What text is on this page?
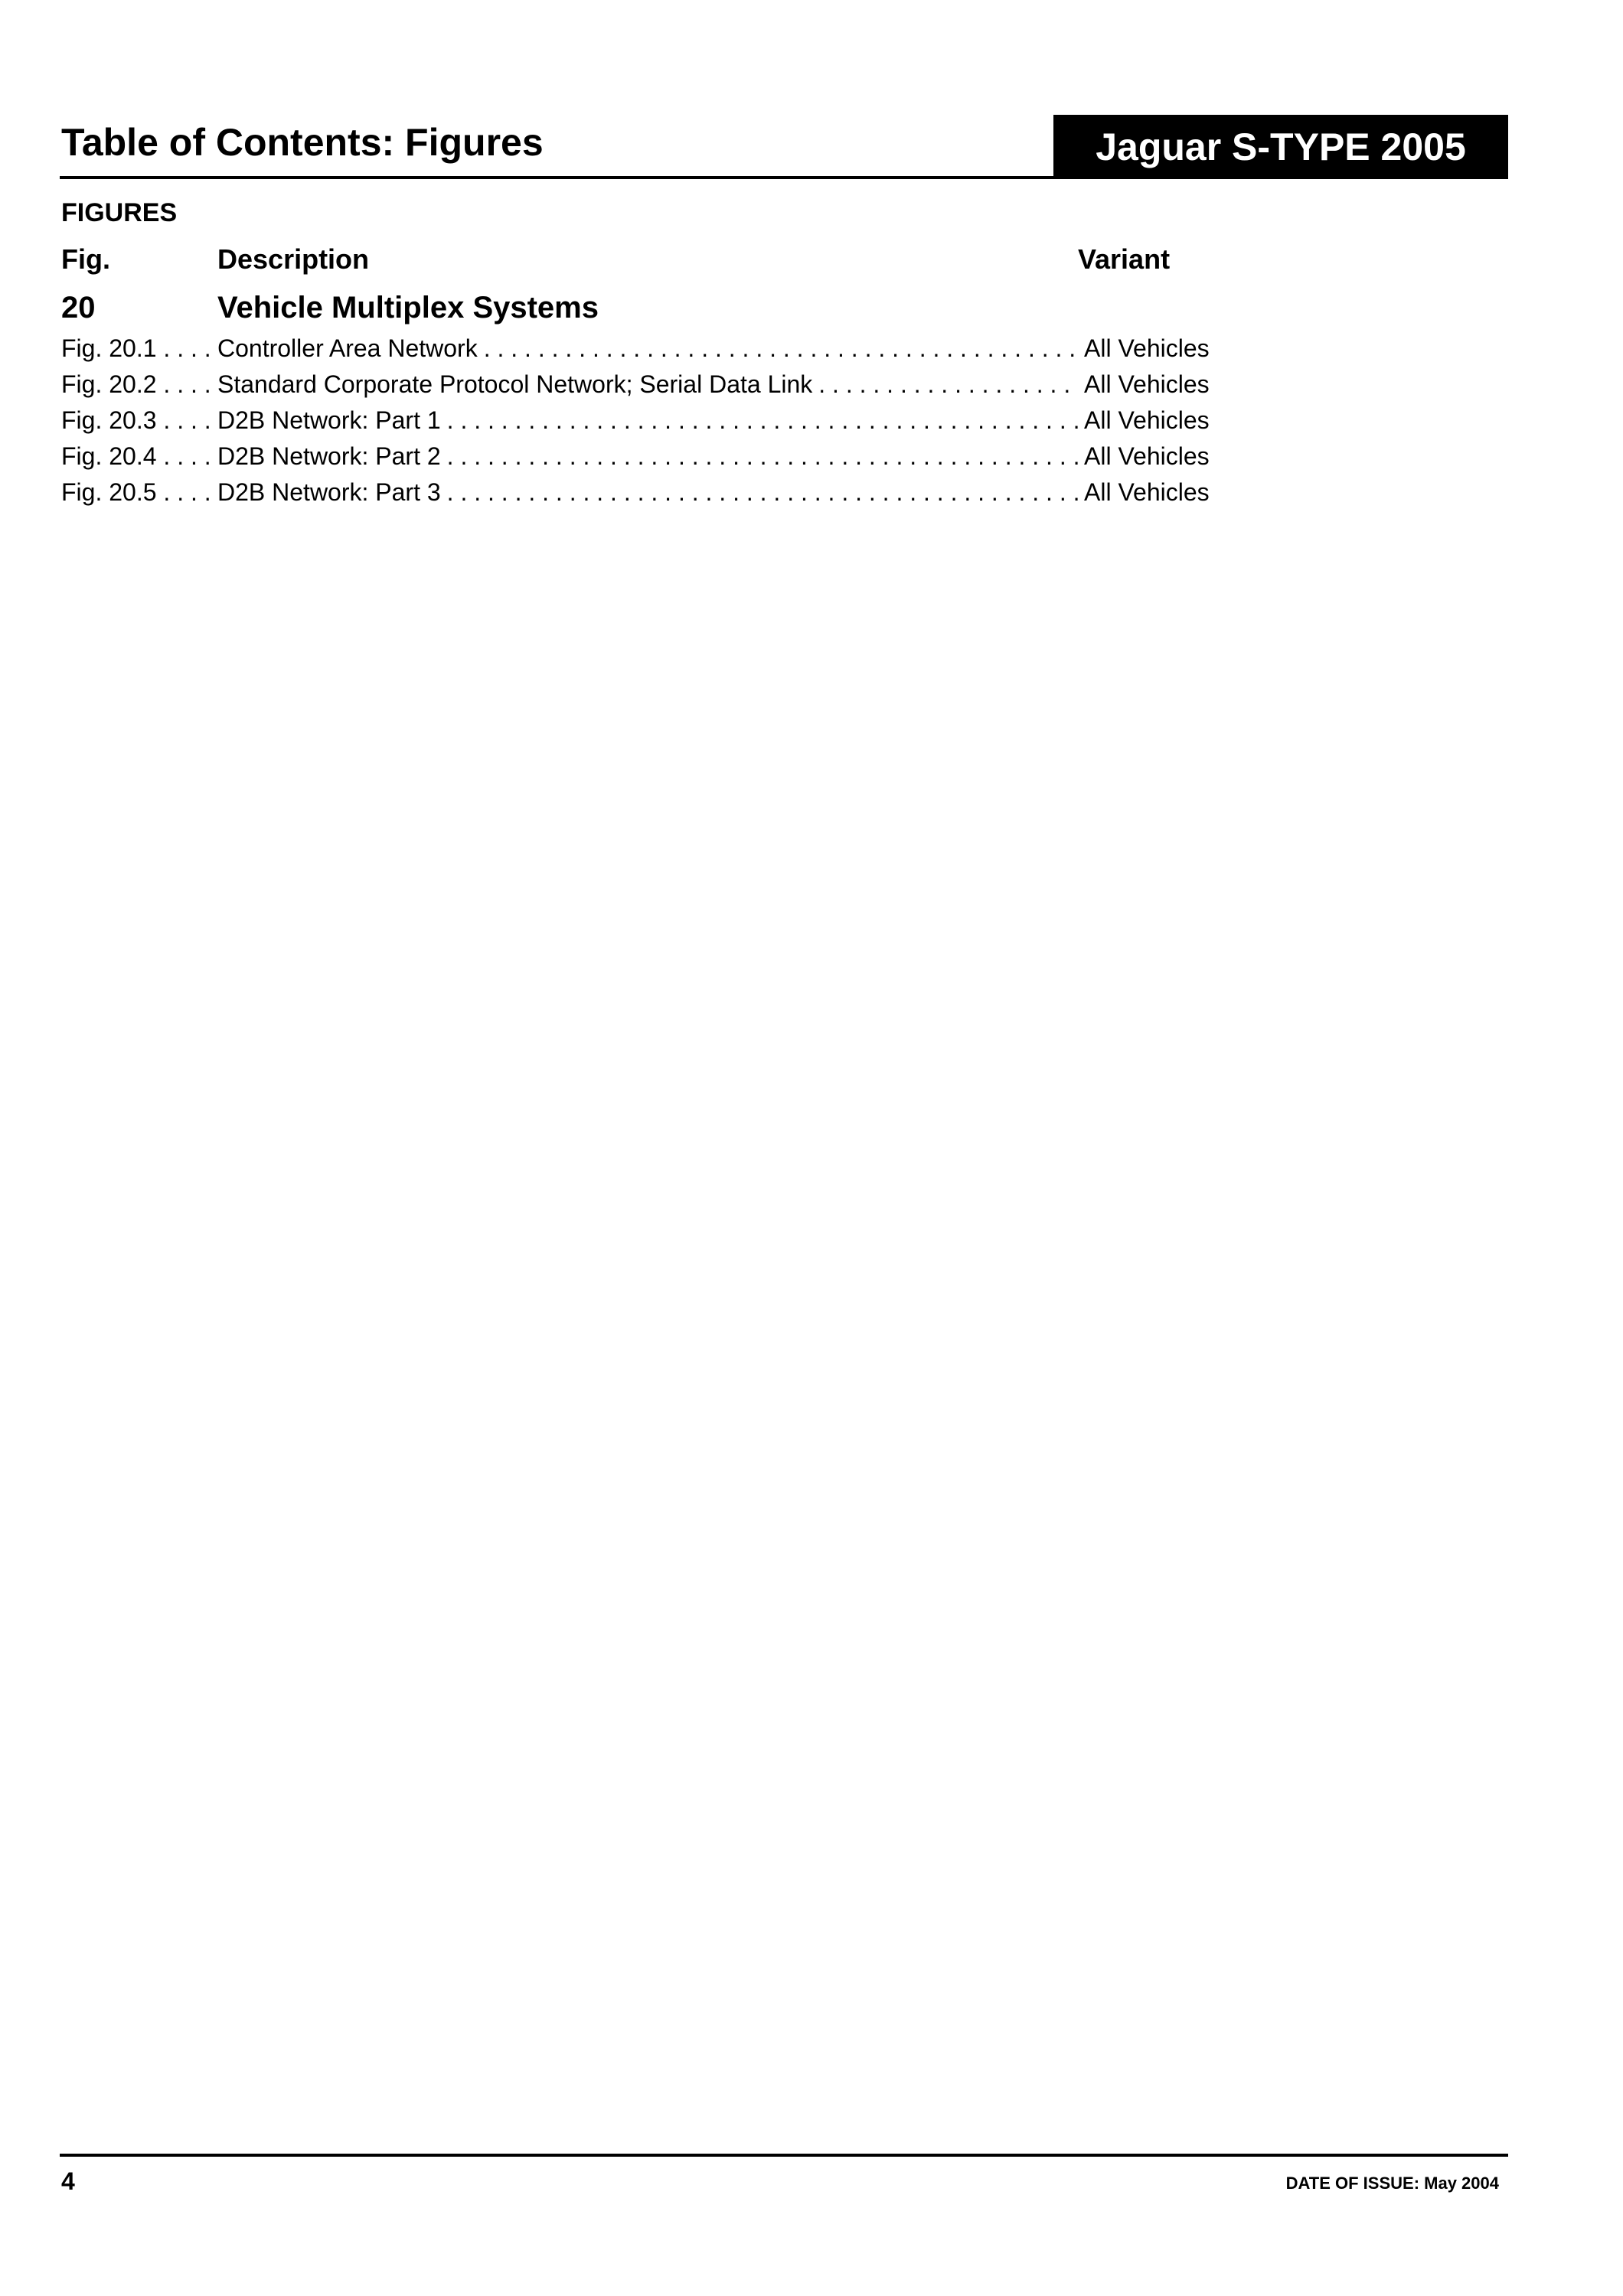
Table of Contents: Figures	Jaguar S-TYPE 2005
FIGURES
Fig.	Description	Variant
20	Vehicle Multiplex Systems
Fig. 20.1 . . .	Controller Area Network . . .	All Vehicles
Fig. 20.2 . . .	Standard Corporate Protocol Network; Serial Data Link . . .	All Vehicles
Fig. 20.3 . . .	D2B Network: Part 1 . . .	All Vehicles
Fig. 20.4 . . .	D2B Network: Part 2 . . .	All Vehicles
Fig. 20.5 . . .	D2B Network: Part 3 . . .	All Vehicles
4	DATE OF ISSUE: May 2004
